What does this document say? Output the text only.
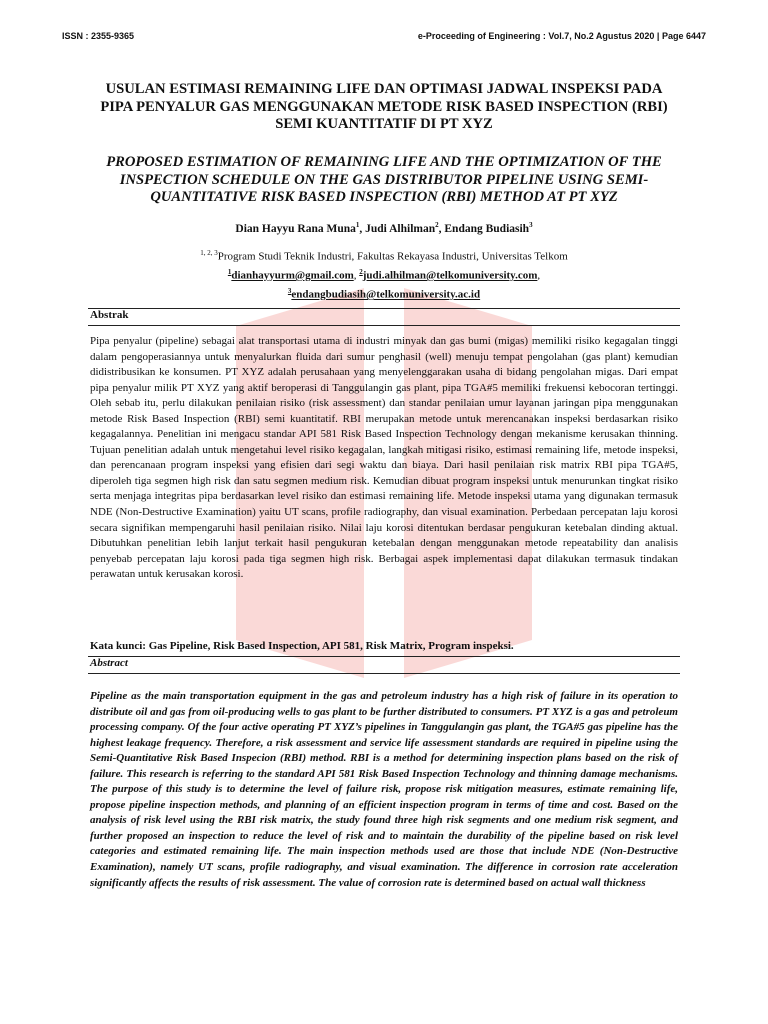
ISSN : 2355-9365	e-Proceeding of Engineering : Vol.7, No.2 Agustus 2020 | Page 6447
USULAN ESTIMASI REMAINING LIFE DAN OPTIMASI JADWAL INSPEKSI PADA PIPA PENYALUR GAS MENGGUNAKAN METODE RISK BASED INSPECTION (RBI) SEMI KUANTITATIF DI PT XYZ
PROPOSED ESTIMATION OF REMAINING LIFE AND THE OPTIMIZATION OF THE INSPECTION SCHEDULE ON THE GAS DISTRIBUTOR PIPELINE USING SEMI-QUANTITATIVE RISK BASED INSPECTION (RBI) METHOD AT PT XYZ
Dian Hayyu Rana Muna$^1$, Judi Alhilman$^2$, Endang Budiasih$^3$
$^{1, 2, 3}$Program Studi Teknik Industri, Fakultas Rekayasa Industri, Universitas Telkom
$^1$dianhayyurm@gmail.com, $^2$judi.alhilman@telkomuniversity.com,
$^3$endangbudiasih@telkomuniversity.ac.id
Abstrak
Pipa penyalur (pipeline) sebagai alat transportasi utama di industri minyak dan gas bumi (migas) memiliki risiko kegagalan tinggi dalam pengoperasiannya untuk menyalurkan fluida dari sumur penghasil (well) menuju tempat pengolahan (gas plant) kemudian didistribusikan ke konsumen. PT XYZ adalah perusahaan yang menyelenggarakan usaha di bidang pengolahan migas. Dari empat pipa penyalur milik PT XYZ yang aktif beroperasi di Tanggulangin gas plant, pipa TGA#5 memiliki frekuensi kebocoran tertinggi. Oleh sebab itu, perlu dilakukan penilaian risiko (risk assessment) dan standar penilaian umur layanan jaringan pipa menggunakan metode Risk Based Inspection (RBI) semi kuantitatif. RBI merupakan metode untuk merencanakan inspeksi berdasarkan risiko kegagalannya. Penelitian ini mengacu standar API 581 Risk Based Inspection Technology dengan mekanisme kerusakan thinning. Tujuan penelitian adalah untuk mengetahui level risiko kegagalan, langkah mitigasi risiko, estimasi remaining life, metode inspeksi, dan perencanaan program inspeksi yang efisien dari segi waktu dan biaya. Dari hasil penilaian risk matrix RBI pipa TGA#5, diperoleh tiga segmen high risk dan satu segmen medium risk. Kemudian dibuat program inspeksi untuk menurunkan tingkat risiko serta menjaga integritas pipa berdasarkan level risiko dan estimasi remaining life. Metode inspeksi utama yang digunakan termasuk NDE (Non-Destructive Examination) yaitu UT scans, profile radiography, dan visual examination. Perbedaan percepatan laju korosi secara signifikan mempengaruhi hasil penilaian risiko. Nilai laju korosi ditentukan berdasar pengukuran ketebalan dinding aktual. Dibutuhkan penelitian lebih lanjut terkait hasil pengukuran ketebalan dengan menggunakan metode repeatability dan analisis penyebab percepatan laju korosi pada tiga segmen high risk. Berbagai aspek implementasi dapat dilakukan termasuk tindakan perawatan untuk kerusakan korosi.
Kata kunci: Gas Pipeline, Risk Based Inspection, API 581, Risk Matrix, Program inspeksi.
Abstract
Pipeline as the main transportation equipment in the gas and petroleum industry has a high risk of failure in its operation to distribute oil and gas from oil-producing wells to gas plant to be further distributed to consumers. PT XYZ is a gas and petroleum processing company. Of the four active operating PT XYZ’s pipelines in Tanggulangin gas plant, the TGA#5 gas pipeline has the highest leakage frequency. Therefore, a risk assessment and service life assessment standards are required in pipeline using the Semi-Quantitative Risk Based Inspecion (RBI) method. RBI is a method for determining inspection plans based on the risk of failure. This research is referring to the standard API 581 Risk Based Inspection Technology and thinning damage mechanisms. The purpose of this study is to determine the level of failure risk, propose risk mitigation measures, estimate remaining life, propose pipeline inspection methods, and planning of an efficient inspection program in terms of time and cost. Based on the analysis of risk level using the RBI risk matrix, the study found three high risk segments and one medium risk segment, and further proposed an inspection to reduce the level of risk and to maintain the durability of the pipeline based on risk level categories and estimated remaining life. The main inspection methods used are those that include NDE (Non-Destructive Examination), namely UT scans, profile radiography, and visual examination. The difference in corrosion rate acceleration significantly affects the results of risk assessment. The value of corrosion rate is determined based on actual wall thickness
